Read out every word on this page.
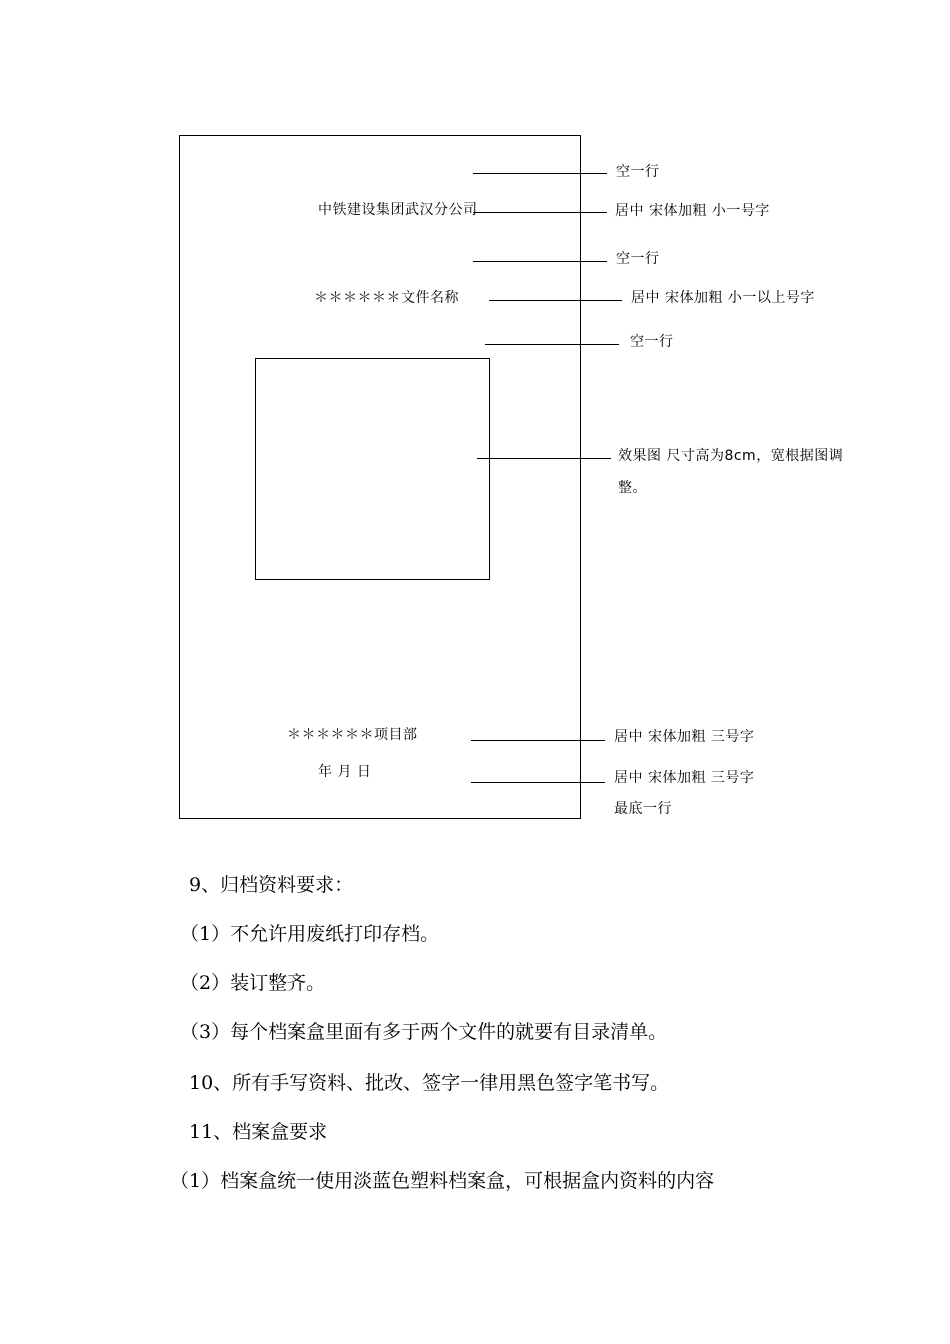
中铁建设集团武汉分公司
＊＊＊＊＊＊文件名称
＊＊＊＊＊＊项目部
年 月 日
空一行
居中 宋体加粗 小一号字
空一行
居中 宋体加粗 小一以上号字
空一行
效果图 尺寸高为8cm，宽根据图调整。
居中 宋体加粗 三号字
居中 宋体加粗 三号字
最底一行
9、归档资料要求：
（1）不允许用废纸打印存档。
（2）装订整齐。
（3）每个档案盒里面有多于两个文件的就要有目录清单。
10、所有手写资料、批改、签字一律用黑色签字笔书写。
11、档案盒要求
（1）档案盒统一使用淡蓝色塑料档案盒，可根据盒内资料的内容
